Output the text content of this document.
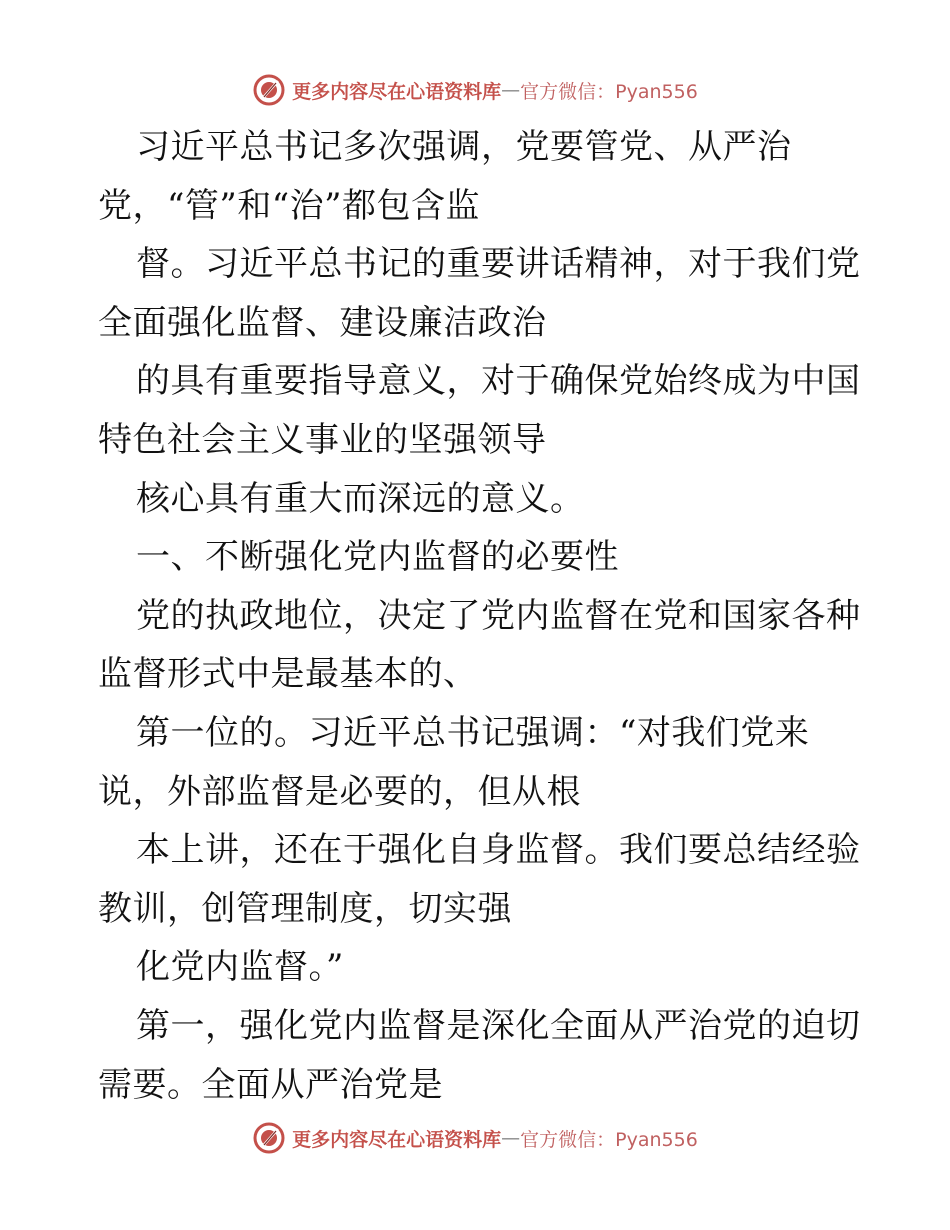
更多内容尽在心语资料库 — 官方微信：Pyan556
习近平总书记多次强调，党要管党、从严治
党，“管”和“治”都包含监
督。习近平总书记的重要讲话精神，对于我们党
全面强化监督、建设廉洁政治
的具有重要指导意义，对于确保党始终成为中国
特色社会主义事业的坚强领导
核心具有重大而深远的意义。
一、不断强化党内监督的必要性
党的执政地位，决定了党内监督在党和国家各种
监督形式中是最基本的、
第一位的。习近平总书记强调：“对我们党来
说，外部监督是必要的，但从根
本上讲，还在于强化自身监督。我们要总结经验
教训，创管理制度，切实强
化党内监督。”
第一，强化党内监督是深化全面从严治党的迫切
需要。全面从严治党是
更多内容尽在心语资料库 — 官方微信：Pyan556
